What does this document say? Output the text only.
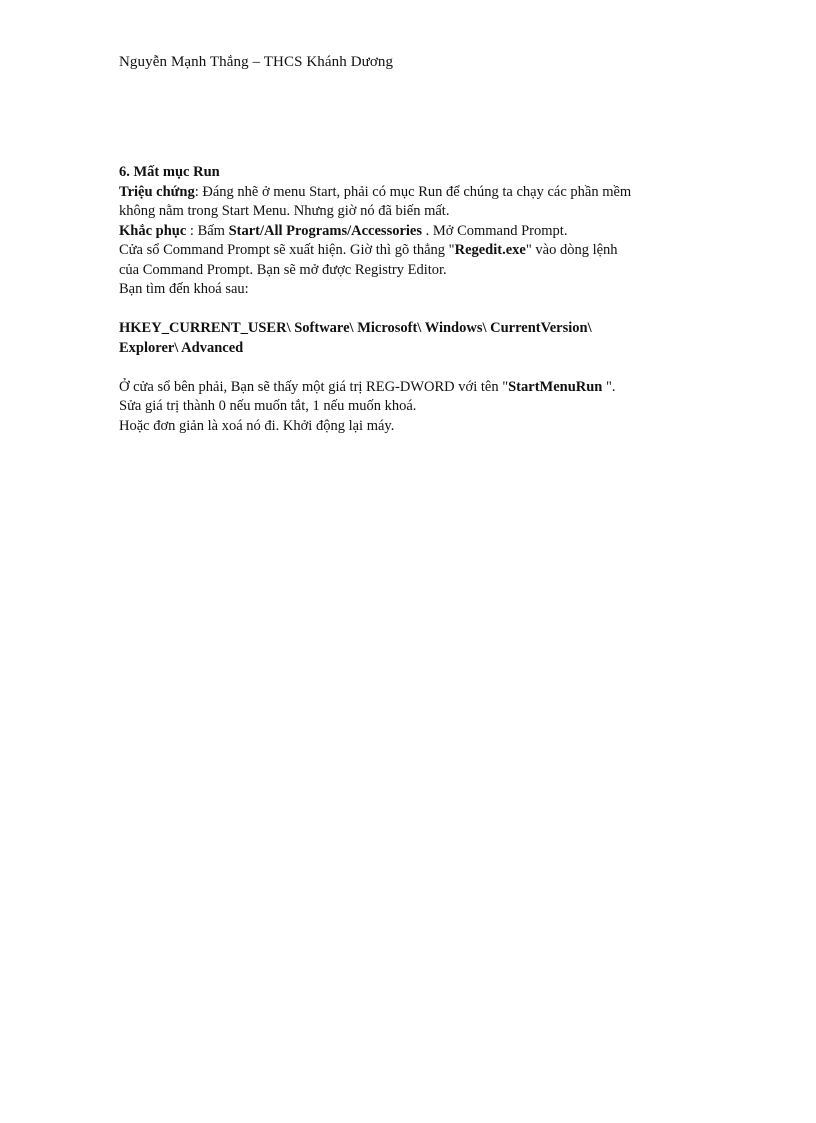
Nguyễn Mạnh Thắng – THCS Khánh Dương
6. Mất mục Run
Triệu chứng: Đáng nhẽ ở menu Start, phải có mục Run để chúng ta chạy các phần mềm
không nằm trong Start Menu. Nhưng giờ nó đã biến mất.
Khắc phục : Bấm Start/All Programs/Accessories . Mở Command Prompt.
Cửa sổ Command Prompt sẽ xuất hiện. Giờ thì gõ thẳng "Regedit.exe" vào dòng lệnh
của Command Prompt. Bạn sẽ mở được Registry Editor.
Bạn tìm đến khoá sau:
HKEY_CURRENT_USER\ Software\ Microsoft\ Windows\ CurrentVersion\
Explorer\ Advanced
Ở cửa sổ bên phải, Bạn sẽ thấy một giá trị REG-DWORD với tên "StartMenuRun ".
Sửa giá trị thành 0 nếu muốn tắt, 1 nếu muốn khoá.
Hoặc đơn giản là xoá nó đi. Khởi động lại máy.
